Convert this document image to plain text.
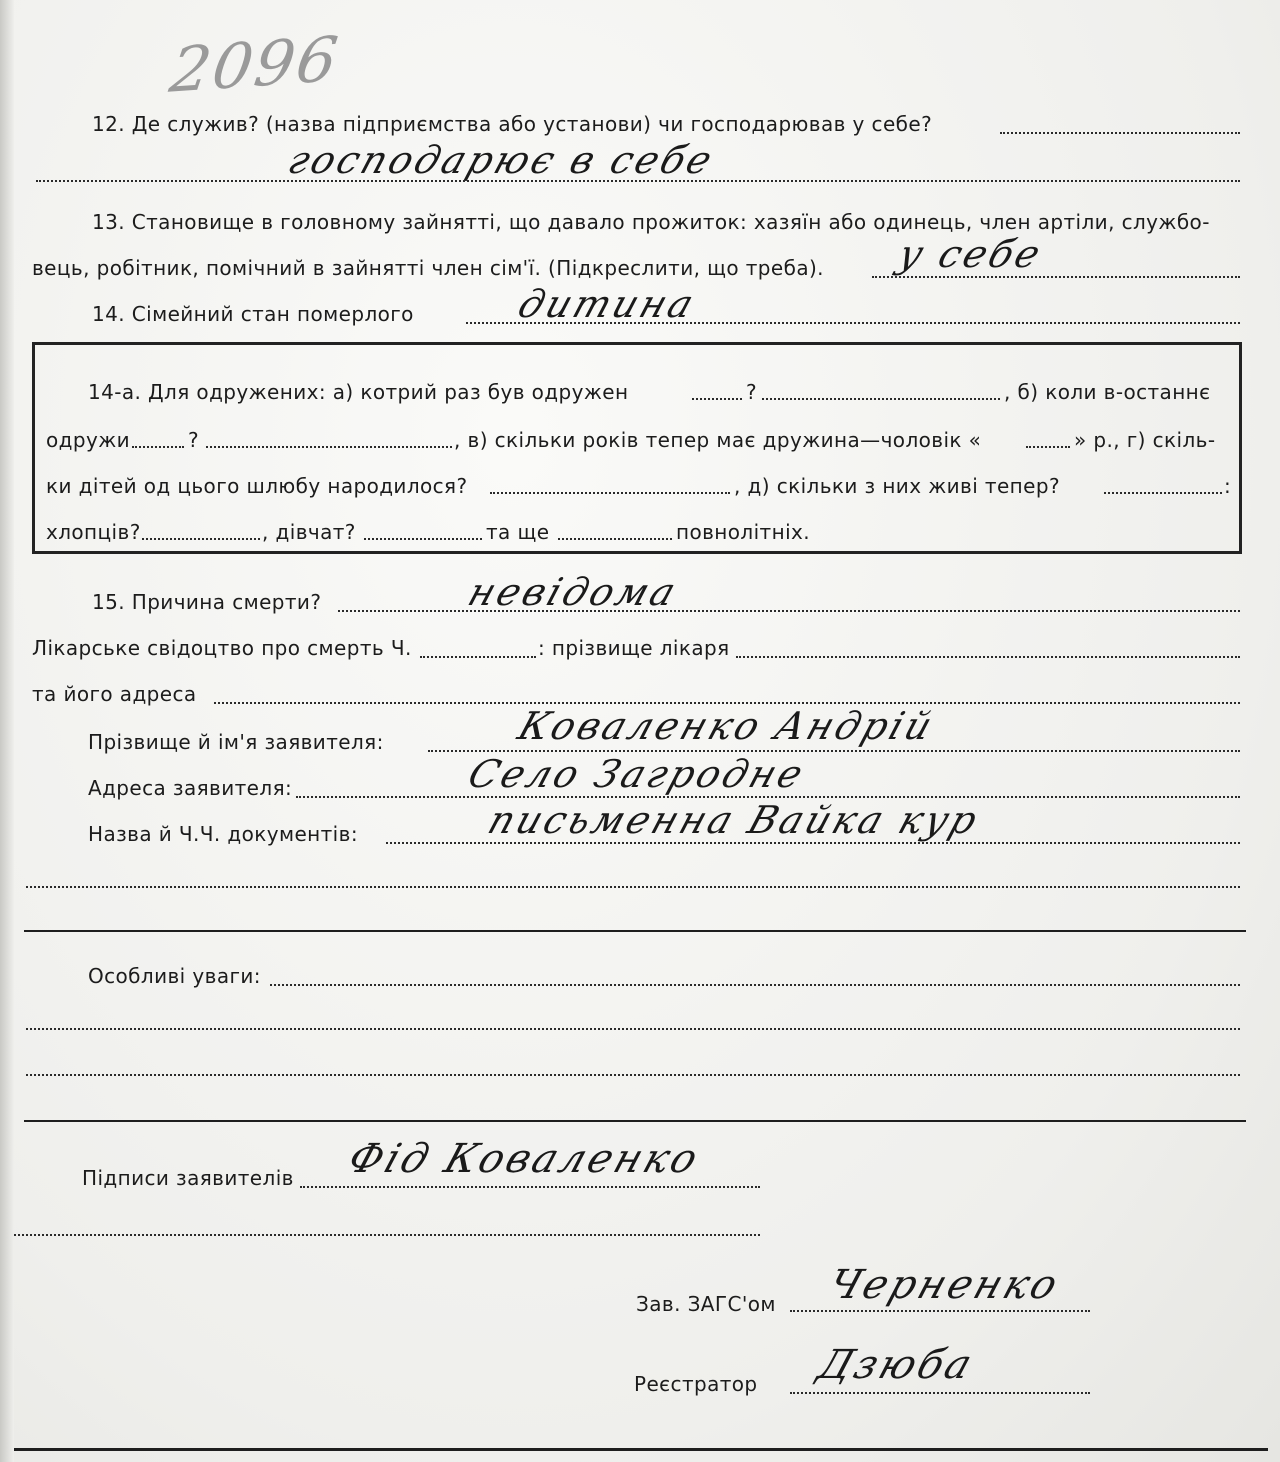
2096
12. Де служив? (назва підприємства або установи) чи господарював у себе?
господарює в себе
13. Становище в головному зайнятті, що давало прожиток: хазяїн або одинець, член артіли, службо-
вець, робітник, помічний в зайнятті член сім'ї. (Підкреслити, що треба). у себе
14. Сімейний стан померлого	дитина
14-а. Для одружених: а) котрий раз був одружен	?	, б) коли в-останнє
одружи	?	, в) скільки років тепер має дружина—чоловік «	» р., г) скіль-
ки дітей од цього шлюбу народилося?	, д) скільки з них живі тепер?	:
хлопців?	, дівчат?	та ще	повнолітніх.
15. Причина смерти?	невідома
Лікарське свідоцтво про смерть Ч.	: прізвище лікаря
та його адреса
Прізвище й ім'я заявителя:	Коваленко Андрій
Адреса заявителя:	Село Загродне
Назва й Ч.Ч. документів:	письменна Вайка кур
Особливі уваги:
Підписи заявителів Фід Коваленко
Зав. ЗАГС'ом Черненко
Реєстратор Дзюба
